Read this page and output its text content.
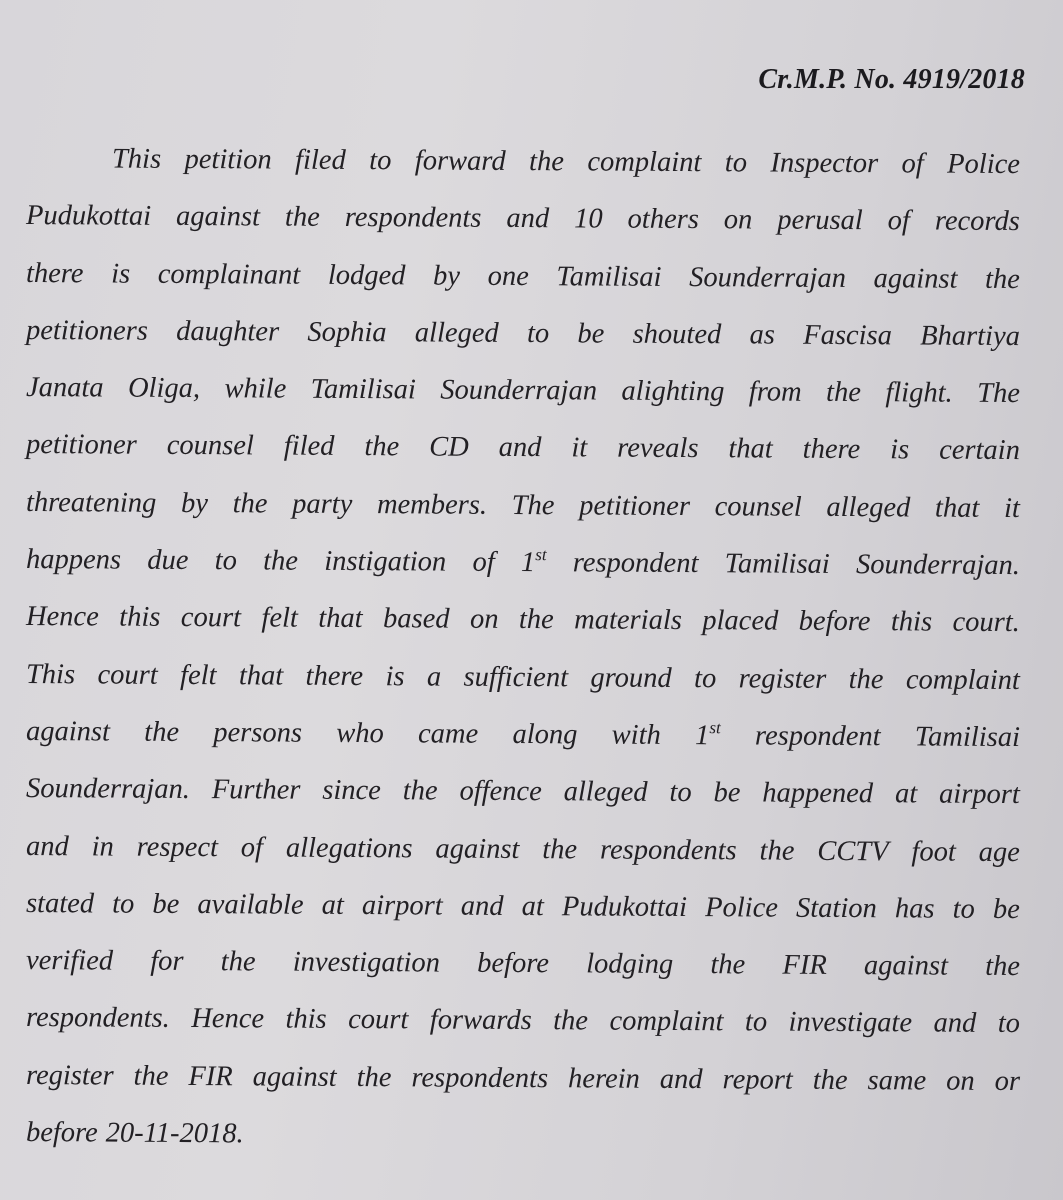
Cr.M.P. No. 4919/2018
This petition filed to forward the complaint to Inspector of Police
Pudukottai against the respondents and 10 others on perusal of records
there is complainant lodged by one Tamilisai Sounderrajan against the
petitioners daughter Sophia alleged to be shouted as Fascisa Bhartiya
Janata Oliga, while Tamilisai Sounderrajan alighting from the flight. The
petitioner counsel filed the CD and it reveals that there is certain
threatening by the party members. The petitioner counsel alleged that it
happens due to the instigation of 1st respondent Tamilisai Sounderrajan.
Hence this court felt that based on the materials placed before this court.
This court felt that there is a sufficient ground to register the complaint
against the persons who came along with 1st respondent Tamilisai
Sounderrajan. Further since the offence alleged to be happened at airport
and in respect of allegations against the respondents the CCTV foot age
stated to be available at airport and at Pudukottai Police Station has to be
verified for the investigation before lodging the FIR against the
respondents. Hence this court forwards the complaint to investigate and to
register the FIR against the respondents herein and report the same on or
before 20-11-2018.
